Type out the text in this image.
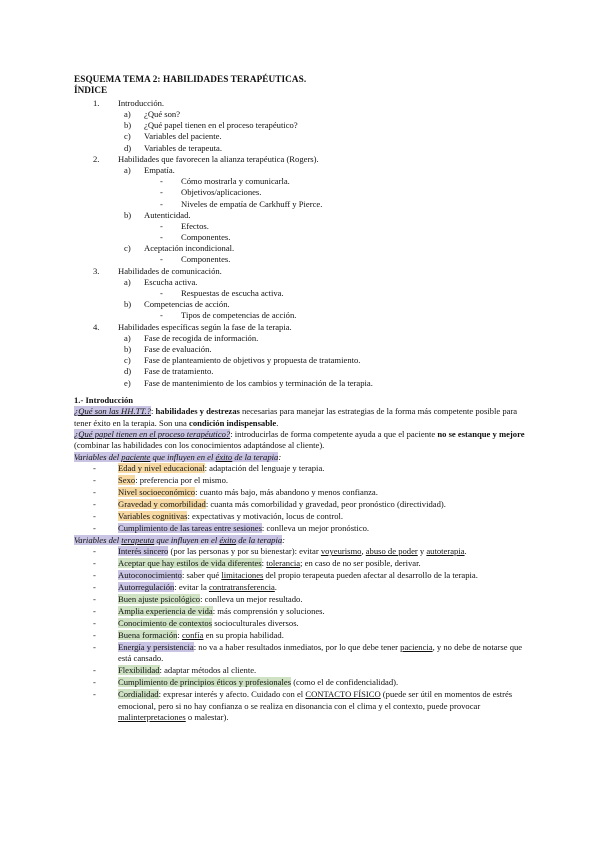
ESQUEMA TEMA 2: HABILIDADES TERAPÉUTICAS.
ÍNDICE
1. Introducción.
a) ¿Qué son?
b) ¿Qué papel tienen en el proceso terapéutico?
c) Variables del paciente.
d) Variables de terapeuta.
2. Habilidades que favorecen la alianza terapéutica (Rogers).
a) Empatía.
- Cómo mostrarla y comunicarla.
- Objetivos/aplicaciones.
- Niveles de empatía de Carkhuff y Pierce.
b) Autenticidad.
- Efectos.
- Componentes.
c) Aceptación incondicional.
- Componentes.
3. Habilidades de comunicación.
a) Escucha activa.
- Respuestas de escucha activa.
b) Competencias de acción.
- Tipos de competencias de acción.
4. Habilidades específicas según la fase de la terapia.
a) Fase de recogida de información.
b) Fase de evaluación.
c) Fase de planteamiento de objetivos y propuesta de tratamiento.
d) Fase de tratamiento.
e) Fase de mantenimiento de los cambios y terminación de la terapia.
1.- Introducción

¿Qué son las HH.TT.?: habilidades y destrezas necesarias para manejar las estrategias de la forma más competente posible para tener éxito en la terapia. Son una condición indispensable.

¿Qué papel tienen en el proceso terapéutico?: introducirlas de forma competente ayuda a que el paciente no se estanque y mejore (combinar las habilidades con los conocimientos adaptándose al cliente).

Variables del paciente que influyen en el éxito de la terapia:

-	Edad y nivel educacional: adaptación del lenguaje y terapia.
-	Sexo: preferencia por el mismo.
-	Nivel socioeconómico: cuanto más bajo, más abandono y menos confianza.
-	Gravedad y comorbilidad: cuanta más comorbilidad y gravedad, peor pronóstico (directividad).
-	Variables cognitivas: expectativas y motivación, locus de control.
-	Cumplimiento de las tareas entre sesiones: conlleva un mejor pronóstico.

Variables del terapeuta que influyen en el éxito de la terapia:

-	Interés sincero (por las personas y por su bienestar): evitar voyeurismo, abuso de poder y autoterapia.
-	Aceptar que hay estilos de vida diferentes: tolerancia; en caso de no ser posible, derivar.
-	Autoconocimiento: saber qué limitaciones del propio terapeuta pueden afectar al desarrollo de la terapia.
-	Autorregulación: evitar la contratransferencia.
-	Buen ajuste psicológico: conlleva un mejor resultado.
-	Amplia experiencia de vida: más comprensión y soluciones.
-	Conocimiento de contextos socioculturales diversos.
-	Buena formación: confía en su propia habilidad.
-	Energía y persistencia: no va a haber resultados inmediatos, por lo que debe tener paciencia, y no debe de notarse que está cansado.
-	Flexibilidad: adaptar métodos al cliente.
-	Cumplimiento de principios éticos y profesionales (como el de confidencialidad).
-	Cordialidad: expresar interés y afecto. Cuidado con el CONTACTO FÍSICO (puede ser útil en momentos de estrés emocional, pero si no hay confianza o se realiza en disonancia con el clima y el contexto, puede provocar malinterpretaciones o malestar).
